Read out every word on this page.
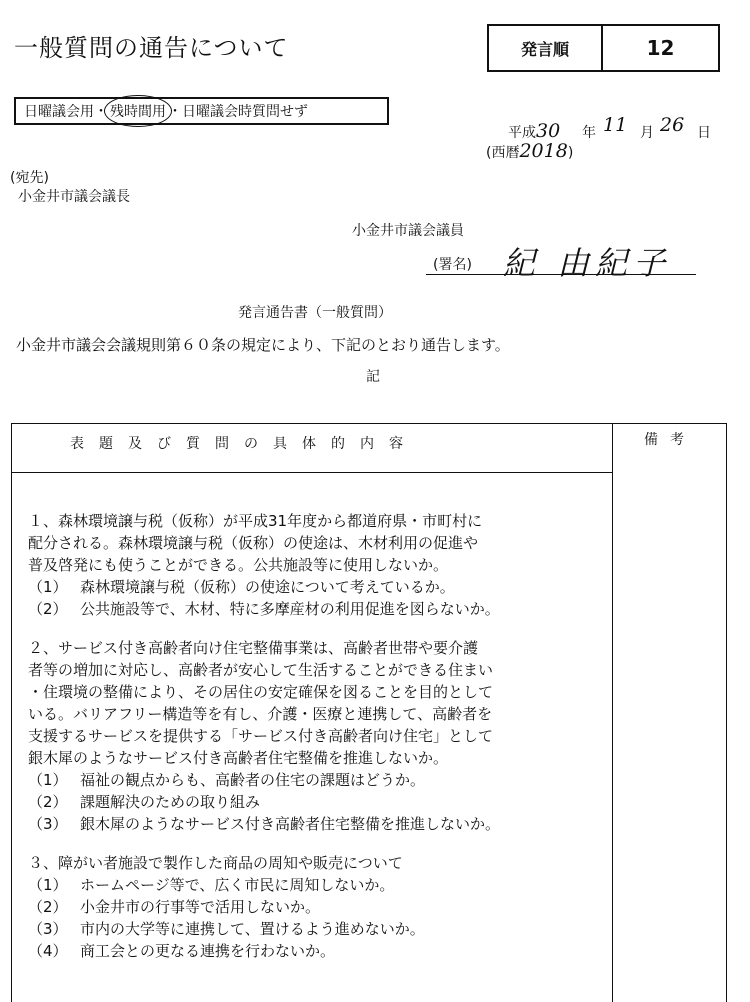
一般質問の通告について	発言順	12
日曜議会用・ 残時間用 ・日曜議会時質問せず
平成30
(西暦2018)
年 11 月 26 日
(宛先)
小金井市議会議長
小金井市議会議員
(署名) 紀 由紀子
発言通告書（一般質問）
小金井市議会会議規則第６０条の規定により、下記のとおり通告します。
記
表題及び質問の具体的内容	備考
１、森林環境譲与税（仮称）が平成31年度から都道府県・市町村に
配分される。森林環境譲与税（仮称）の使途は、木材利用の促進や
普及啓発にも使うことができる。公共施設等に使用しないか。
（1） 森林環境譲与税（仮称）の使途について考えているか。
（2） 公共施設等で、木材、特に多摩産材の利用促進を図らないか。
２、サービス付き高齢者向け住宅整備事業は、高齢者世帯や要介護
者等の増加に対応し、高齢者が安心して生活することができる住まい
・住環境の整備により、その居住の安定確保を図ることを目的として
いる。バリアフリー構造等を有し、介護・医療と連携して、高齢者を
支援するサービスを提供する「サービス付き高齢者向け住宅」として
銀木犀のようなサービス付き高齢者住宅整備を推進しないか。
（1） 福祉の観点からも、高齢者の住宅の課題はどうか。
（2） 課題解決のための取り組み
（3） 銀木犀のようなサービス付き高齢者住宅整備を推進しないか。
３、障がい者施設で製作した商品の周知や販売について
（1） ホームページ等で、広く市民に周知しないか。
（2） 小金井市の行事等で活用しないか。
（3） 市内の大学等に連携して、置けるよう進めないか。
（4） 商工会との更なる連携を行わないか。
